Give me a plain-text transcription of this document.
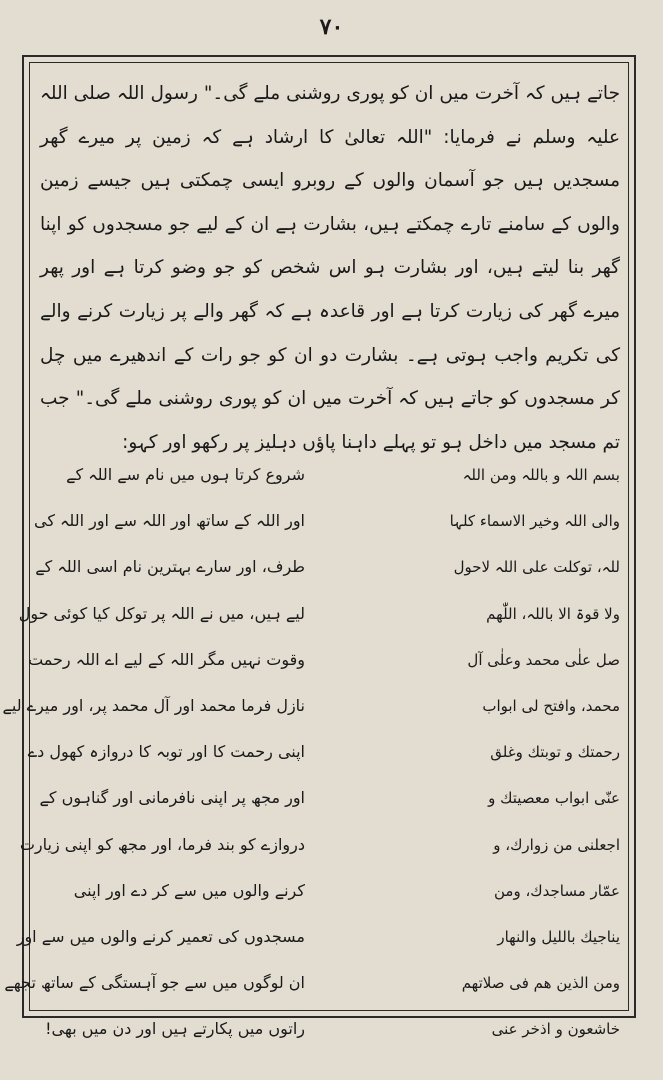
۷۰

جاتے ہیں کہ آخرت میں ان کو پوری روشنی ملے گی۔" رسول اللہ صلی اللہ علیہ وسلم نے فرمایا: "اللہ تعالیٰ کا ارشاد ہے کہ زمین پر میرے گھر مسجدیں ہیں جو آسمان والوں کے روبرو ایسی چمکتی ہیں جیسے زمین والوں کے سامنے تارے چمکتے ہیں، بشارت ہے ان کے لیے جو مسجدوں کو اپنا گھر بنا لیتے ہیں، اور بشارت ہو اس شخص کو جو وضو کرتا ہے اور پھر میرے گھر کی زیارت کرتا ہے اور قاعدہ ہے کہ گھر والے پر زیارت کرنے والے کی تکریم واجب ہوتی ہے۔ بشارت دو ان کو جو رات کے اندھیرے میں چل کر مسجدوں کو جاتے ہیں کہ آخرت میں ان کو پوری روشنی ملے گی۔" جب تم مسجد میں داخل ہو تو پہلے داہنا پاؤں دہلیز پر رکھو اور کہو:

بسم اللہ و باللہ ومن اللہ
والی اللہ وخیر الاسماء کلہا
للہ، توکلت علی اللہ لاحول
ولا قوۃ الا باللہ، اللّٰھم
صل علٰی محمد وعلٰی آل
محمد، وافتح لی ابواب
رحمتك و توبتك وغلق
عنّی ابواب معصیتك و
اجعلنی من زوارك، و
عمّار مساجدك، ومن
یناجیك باللیل والنھار
ومن الذین ھم فی صلاتھم
خاشعون و اذخر عنی
شروع کرتا ہوں میں نام سے اللہ کے
اور اللہ کے ساتھ اور اللہ سے اور اللہ کی
طرف، اور سارے بہترین نام اسی اللہ کے
لیے ہیں، میں نے اللہ پر توکل کیا کوئی حول
وقوت نہیں مگر اللہ کے لیے اے اللہ رحمت
نازل فرما محمد اور آل محمد پر، اور میرے لیے
اپنی رحمت کا اور توبہ کا دروازہ کھول دے
اور مجھ پر اپنی نافرمانی اور گناہوں کے
دروازے کو بند فرما، اور مجھ کو اپنی زیارت
کرنے والوں میں سے کر دے اور اپنی
مسجدوں کی تعمیر کرنے والوں میں سے اور
ان لوگوں میں سے جو آہستگی کے ساتھ تجھے
راتوں میں پکارتے ہیں اور دن میں بھی!
